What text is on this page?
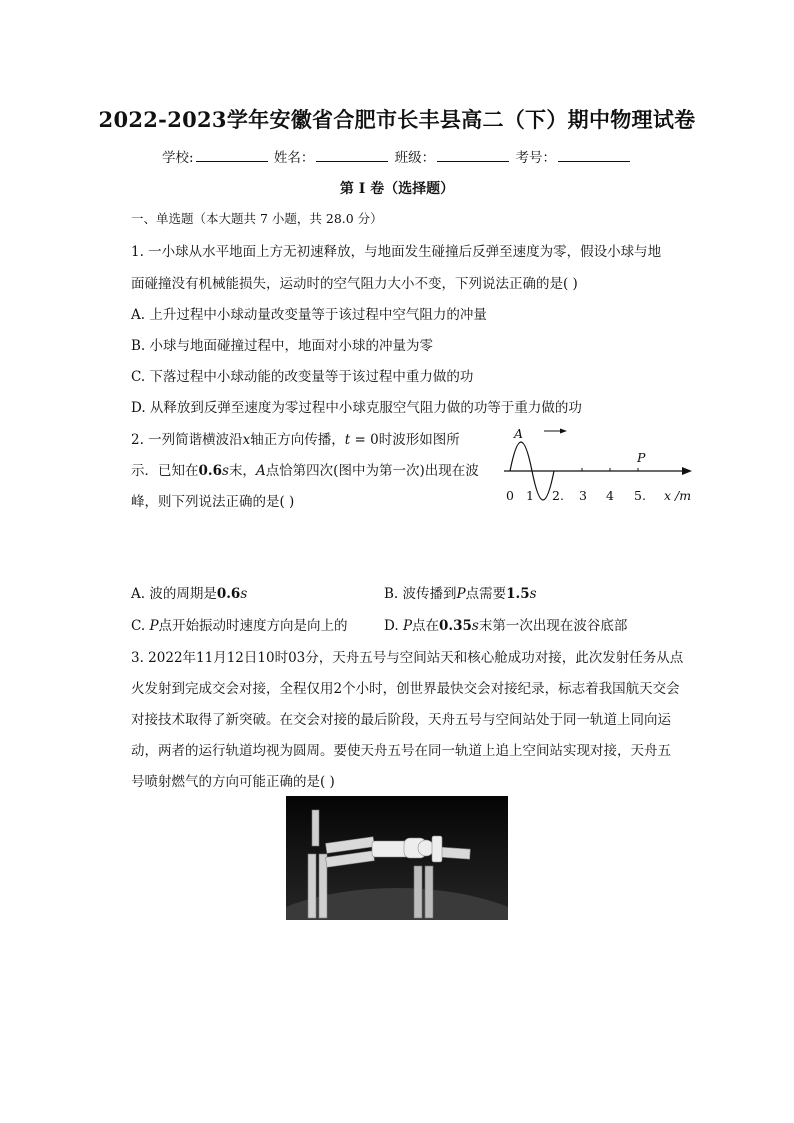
2022-2023学年安徽省合肥市长丰县高二（下）期中物理试卷
学校:	姓名：	班级：	考号：
第 I 卷（选择题）
一、单选题（本大题共 7 小题，共 28.0 分）
1. 一小球从水平地面上方无初速释放，与地面发生碰撞后反弹至速度为零，假设小球与地
面碰撞没有机械能损失，运动时的空气阻力大小不变，下列说法正确的是( )
A. 上升过程中小球动量改变量等于该过程中空气阻力的冲量
B. 小球与地面碰撞过程中，地面对小球的冲量为零
C. 下落过程中小球动能的改变量等于该过程中重力做的功
D. 从释放到反弹至速度为零过程中小球克服空气阻力做的功等于重力做的功
2. 一列简谐横波沿x轴正方向传播，t = 0时波形如图所
示．已知在0.6s末，A点恰第四次(图中为第一次)出现在波
峰，则下列说法正确的是( )
A
P
0 1 2. 3 4 5. x /m
A. 波的周期是0.6s	B. 波传播到P点需要1.5s
C. P点开始振动时速度方向是向上的	D. P点在0.35s末第一次出现在波谷底部
3. 2022年11月12日10时03分，天舟五号与空间站天和核心舱成功对接，此次发射任务从点
火发射到完成交会对接，全程仅用2个小时，创世界最快交会对接纪录，标志着我国航天交会
对接技术取得了新突破。在交会对接的最后阶段，天舟五号与空间站处于同一轨道上同向运
动，两者的运行轨道均视为圆周。要使天舟五号在同一轨道上追上空间站实现对接，天舟五
号喷射燃气的方向可能正确的是( )
